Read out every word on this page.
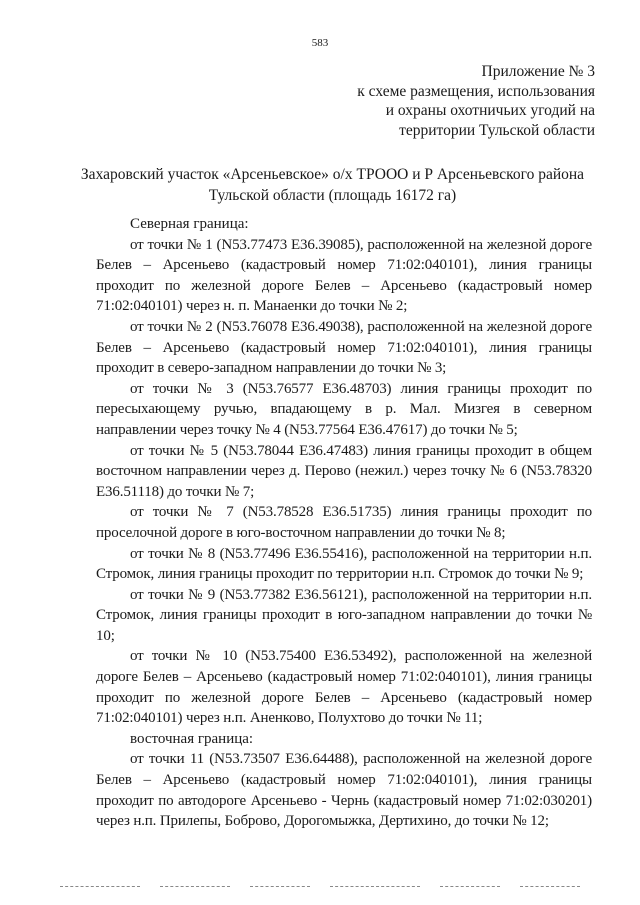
583
Приложение № 3
к схеме размещения, использования
и охраны охотничьих угодий на
территории Тульской области
Захаровский участок «Арсеньевское» о/х ТРООО и Р Арсеньевского района Тульской области (площадь 16172 га)

Северная граница:

от точки № 1 (N53.77473 E36.39085), расположенной на железной дороге Белев – Арсеньево (кадастровый номер 71:02:040101), линия границы проходит по железной дороге Белев – Арсеньево (кадастровый номер 71:02:040101) через н. п. Манаенки до точки № 2;

от точки № 2 (N53.76078 E36.49038), расположенной на железной дороге Белев – Арсеньево (кадастровый номер 71:02:040101), линия границы проходит в северо-западном направлении до точки № 3;

от точки № 3 (N53.76577 E36.48703) линия границы проходит по пересыхающему ручью, впадающему в р. Мал. Мизгея в северном направлении через точку № 4 (N53.77564 E36.47617) до точки № 5;

от точки № 5 (N53.78044 E36.47483) линия границы проходит в общем восточном направлении через д. Перово (нежил.) через точку № 6 (N53.78320 E36.51118) до точки № 7;

от точки № 7 (N53.78528 E36.51735) линия границы проходит по проселочной дороге в юго-восточном направлении до точки № 8;

от точки № 8 (N53.77496 E36.55416), расположенной на территории н.п. Стромок, линия границы проходит по территории н.п. Стромок до точки № 9;

от точки № 9 (N53.77382 E36.56121), расположенной на территории н.п. Стромок, линия границы проходит в юго-западном направлении до точки № 10;

от точки № 10 (N53.75400 E36.53492), расположенной на железной дороге Белев – Арсеньево (кадастровый номер 71:02:040101), линия границы проходит по железной дороге Белев – Арсеньево (кадастровый номер 71:02:040101) через н.п. Аненково, Полухтово до точки № 11;

восточная граница:

от точки 11 (N53.73507 E36.64488), расположенной на железной дороге Белев – Арсеньево (кадастровый номер 71:02:040101), линия границы проходит по автодороге Арсеньево - Чернь (кадастровый номер 71:02:030201) через н.п. Прилепы, Боброво, Дорогомыжка, Дертихино, до точки № 12;
